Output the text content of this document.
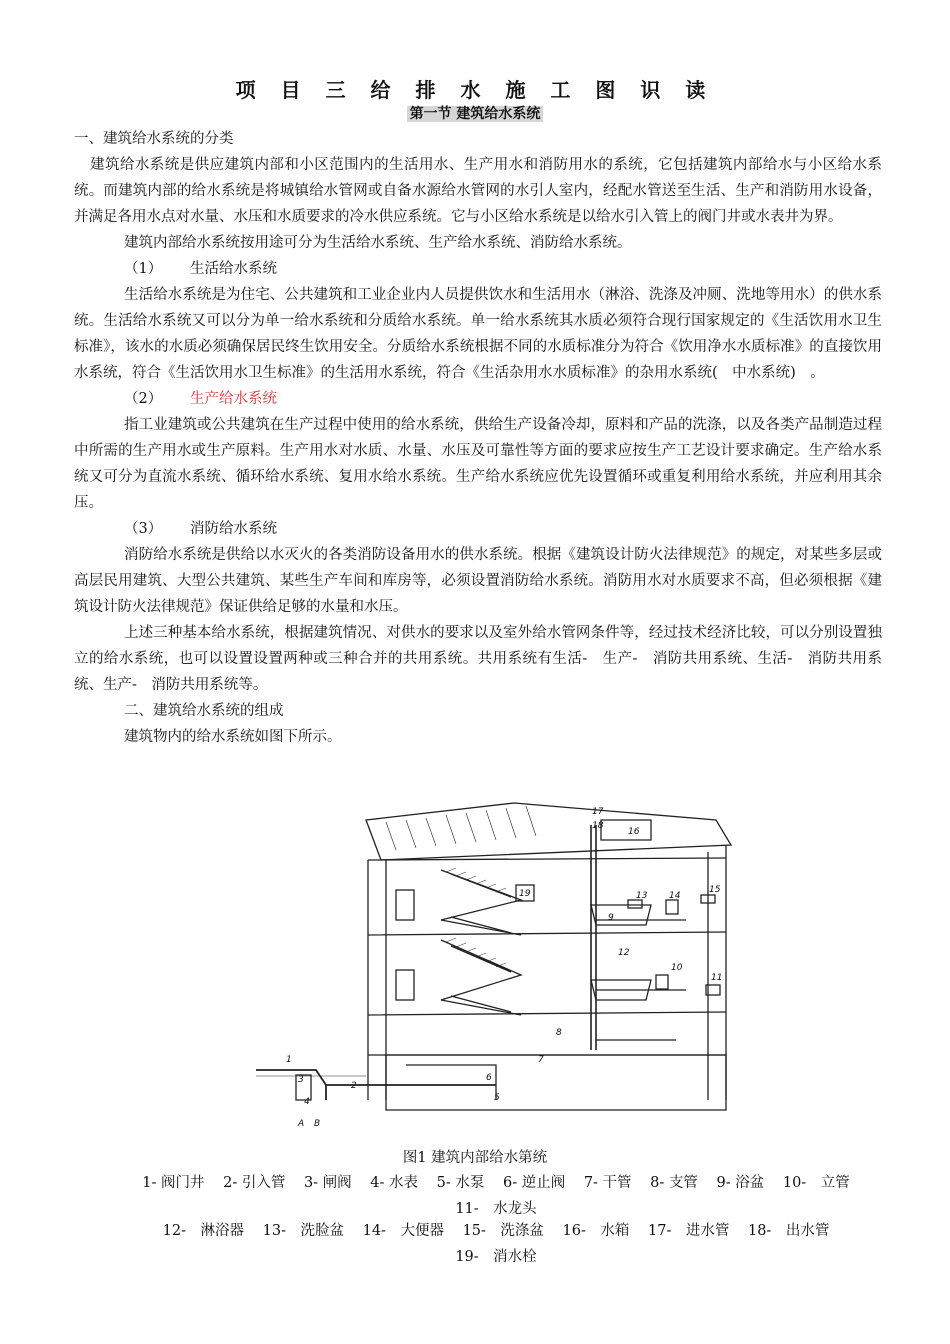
项 目 三 给 排 水 施 工 图 识 读
第一节 建筑给水系统

一、建筑给水系统的分类

建筑给水系统是供应建筑内部和小区范围内的生活用水、生产用水和消防用水的系统，它包括建筑内部给水与小区给水系统。而建筑内部的给水系统是将城镇给水管网或自备水源给水管网的水引人室内，经配水管送至生活、生产和消防用水设备，并满足各用水点对水量、水压和水质要求的冷水供应系统。它与小区给水系统是以给水引入管上的阀门井或水表井为界。

建筑内部给水系统按用途可分为生活给水系统、生产给水系统、消防给水系统。

（1） 生活给水系统

生活给水系统是为住宅、公共建筑和工业企业内人员提供饮水和生活用水（淋浴、洗涤及冲厕、洗地等用水）的供水系统。生活给水系统又可以分为单一给水系统和分质给水系统。单一给水系统其水质必须符合现行国家规定的《生活饮用水卫生标准》，该水的水质必须确保居民终生饮用安全。分质给水系统根据不同的水质标准分为符合《饮用净水水质标准》的直接饮用水系统，符合《生活饮用水卫生标准》的生活用水系统，符合《生活杂用水水质标准》的杂用水系统(　中水系统)　。

（2） 生产给水系统

指工业建筑或公共建筑在生产过程中使用的给水系统，供给生产设备冷却，原料和产品的洗涤，以及各类产品制造过程中所需的生产用水或生产原料。生产用水对水质、水量、水压及可靠性等方面的要求应按生产工艺设计要求确定。生产给水系统又可分为直流水系统、循环给水系统、复用水给水系统。生产给水系统应优先设置循环或重复利用给水系统，并应利用其余压。

（3） 消防给水系统

消防给水系统是供给以水灭火的各类消防设备用水的供水系统。根据《建筑设计防火法律规范》的规定，对某些多层或高层民用建筑、大型公共建筑、某些生产车间和库房等，必须设置消防给水系统。消防用水对水质要求不高，但必须根据《建筑设计防火法律规范》保证供给足够的水量和水压。

上述三种基本给水系统，根据建筑情况、对供水的要求以及室外给水管网条件等，经过技术经济比较，可以分别设置独立的给水系统，也可以设置设置两种或三种合并的共用系统。共用系统有生活-　生产-　消防共用系统、生活-　消防共用系统、生产-　消防共用系统等。

二、建筑给水系统的组成

建筑物内的给水系统如图下所示。

1
2
3
4	5
6
7
8
9
10
11
12
13 14
15
16
17
18
19
A B
图1 建筑内部给水第统
1- 阀门井 2- 引入管 3- 闸阀 4- 水表 5- 水泵 6- 逆止阀 7- 干管 8- 支管 9- 浴盆 10-　立管 11-　水龙头
12-　淋浴器 13-　洗脸盆 14-　大便器 15-　洗涤盆 16-　水箱 17-　进水管 18-　出水管 19-　消水栓
